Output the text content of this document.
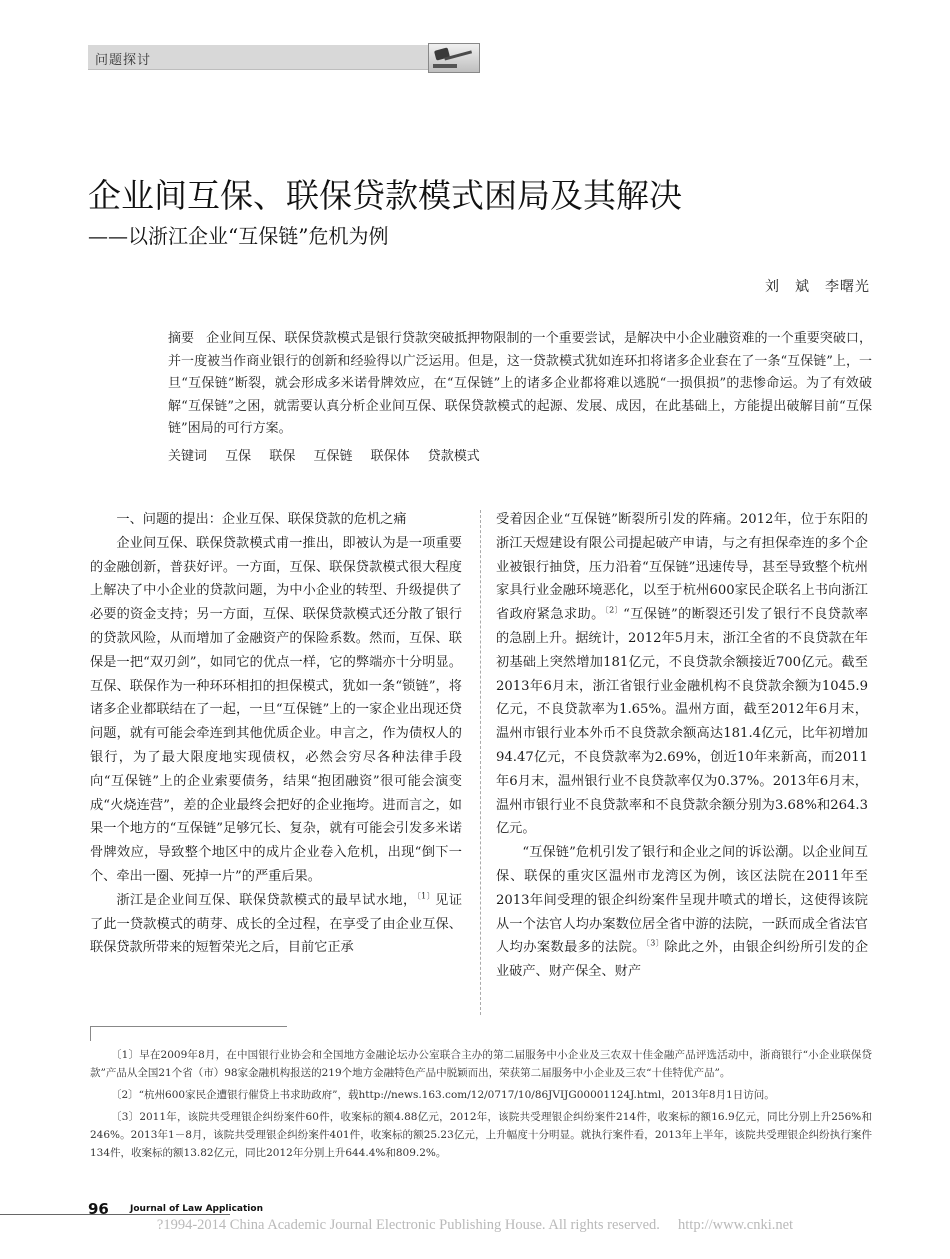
问题探讨
企业间互保、联保贷款模式困局及其解决
——以浙江企业“互保链”危机为例
刘　斌　李曙光
摘要 企业间互保、联保贷款模式是银行贷款突破抵押物限制的一个重要尝试，是解决中小企业融资难的一个重要突破口，并一度被当作商业银行的创新和经验得以广泛运用。但是，这一贷款模式犹如连环扣将诸多企业套在了一条“互保链”上，一旦“互保链”断裂，就会形成多米诺骨牌效应，在“互保链”上的诸多企业都将难以逃脱“一损俱损”的悲惨命运。为了有效破解“互保链”之困，就需要认真分析企业间互保、联保贷款模式的起源、发展、成因，在此基础上，方能提出破解目前“互保链”困局的可行方案。
关键词 互保 联保 互保链 联保体 贷款模式
一、问题的提出：企业互保、联保贷款的危机之痛

企业间互保、联保贷款模式甫一推出，即被认为是一项重要的金融创新，普获好评。一方面，互保、联保贷款模式很大程度上解决了中小企业的贷款问题，为中小企业的转型、升级提供了必要的资金支持；另一方面，互保、联保贷款模式还分散了银行的贷款风险，从而增加了金融资产的保险系数。然而，互保、联保是一把“双刃剑”，如同它的优点一样，它的弊端亦十分明显。互保、联保作为一种环环相扣的担保模式，犹如一条“锁链”，将诸多企业都联结在了一起，一旦“互保链”上的一家企业出现还贷问题，就有可能会牵连到其他优质企业。申言之，作为债权人的银行，为了最大限度地实现债权，必然会穷尽各种法律手段向“互保链”上的企业索要债务，结果“抱团融资”很可能会演变成“火烧连营”，差的企业最终会把好的企业拖垮。进而言之，如果一个地方的“互保链”足够冗长、复杂，就有可能会引发多米诺骨牌效应，导致整个地区中的成片企业卷入危机，出现“倒下一个、牵出一圈、死掉一片”的严重后果。

浙江是企业间互保、联保贷款模式的最早试水地，$^{〔1〕}$见证了此一贷款模式的萌芽、成长的全过程，在享受了由企业互保、联保贷款所带来的短暂荣光之后，目前它正承

受着因企业“互保链”断裂所引发的阵痛。2012年，位于东阳的浙江天煜建设有限公司提起破产申请，与之有担保牵连的多个企业被银行抽贷，压力沿着“互保链”迅速传导，甚至导致整个杭州家具行业金融环境恶化，以至于杭州600家民企联名上书向浙江省政府紧急求助。$^{〔2〕}$“互保链”的断裂还引发了银行不良贷款率的急剧上升。据统计，2012年5月末，浙江全省的不良贷款在年初基础上突然增加181亿元，不良贷款余额接近700亿元。截至2013年6月末，浙江省银行业金融机构不良贷款余额为1045.9亿元，不良贷款率为1.65%。温州方面，截至2012年6月末，温州市银行业本外币不良贷款余额高达181.4亿元，比年初增加94.47亿元，不良贷款率为2.69%，创近10年来新高，而2011年6月末，温州银行业不良贷款率仅为0.37%。2013年6月末，温州市银行业不良贷款率和不良贷款余额分别为3.68%和264.3亿元。

“互保链”危机引发了银行和企业之间的诉讼潮。以企业间互保、联保的重灾区温州市龙湾区为例，该区法院在2011年至2013年间受理的银企纠纷案件呈现井喷式的增长，这使得该院从一个法官人均办案数位居全省中游的法院，一跃而成全省法官人均办案数最多的法院。$^{〔3〕}$除此之外，由银企纠纷所引发的企业破产、财产保全、财产

〔1〕早在2009年8月，在中国银行业协会和全国地方金融论坛办公室联合主办的第二届服务中小企业及三农双十佳金融产品评选活动中，浙商银行“小企业联保贷款”产品从全国21个省（市）98家金融机构报送的219个地方金融特色产品中脱颖而出，荣获第二届服务中小企业及三农“十佳特优产品”。

〔2〕“杭州600家民企遭银行催贷上书求助政府”，载http://news.163.com/12/0717/10/86JVIJG00001124J.html，2013年8月1日访问。

〔3〕2011年，该院共受理银企纠纷案件60件，收案标的额4.88亿元，2012年，该院共受理银企纠纷案件214件，收案标的额16.9亿元，同比分别上升256%和246%。2013年1－8月，该院共受理银企纠纷案件401件，收案标的额25.23亿元，上升幅度十分明显。就执行案件看，2013年上半年，该院共受理银企纠纷执行案件134件，收案标的额13.82亿元，同比2012年分别上升644.4%和809.2%。

96 Journal of Law Application
?1994-2014 China Academic Journal Electronic Publishing House. All rights reserved.　 http://www.cnki.net
